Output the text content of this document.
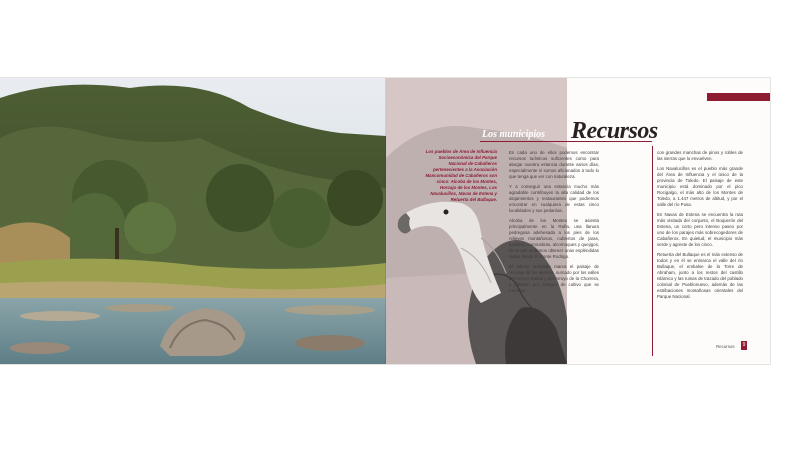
Los municipios Recursos
Los pueblos de Área de Influencia Socioeconómica del Parque Nacional de Cabañeros pertenecientes a la Asociación Mancomunidad de Cabañeros son cinco: Alcoba de los Montes, Horcajo de los Montes, Los Navalucillos, Navas de Estena y Retuerta del Bullaque.

En cada uno de ellos podemos encontrar recursos turísticos suficientes como para alargar nuestra estancia durante varios días, especialmente si somos aficionados a todo lo que tenga que ver con naturaleza.

Y a conseguir una estancia mucho más agradable contribuyen la alta calidad de los alojamientos y restaurantes que podremos encontrar en cualquiera de estas cinco localidades y sus pedanías.

Alcoba de los Montes se asienta principalmente en la Raña, una llanura pedregosa adehesada a los pies de los relieves montañosos, cubiertos de jaras, enebros, cornicabras, alcornoques y quejigos, de la que podemos obtener unas espléndidas vistas desde el Monte Rodrigo.

El relieve ondulado marca el paisaje de Horcajo de los Montes, surcado por los valles del Arroyo Rubial y del Arroyo de la Chorrera, y poblado por campos de cultivo que se mezclan

con grandes manchas de pinos y robles de las sierras que lo envuelven.

Los Navalucillos es el pueblo más grande del Área de Influencia y el único de la provincia de Toledo. El paisaje de este municipio está dominado por el pico Rocigalgo, el más alto de los Montes de Toledo, a 1.447 metros de altitud, y por el valle del río Pusa.

En Navas de Estena se encuentra la ruta más visitada del conjunto, el Boquerón del Estena, un corto pero intenso paseo por uno de los parajes más sobrecogedores de Cabañeros. En quietud, el municipio más verde y agreste de los cinco.

Retuerta del Bullaque es el más extenso de todos y en él se enmarca el valle del río Bullaque, el embalse de la Torre de Abraham, junto a los restos del castillo Islámico y las ruinas de trazado del poblado colonial de Pueblonuevo, además de las estribaciones montañosas orientales del Parque Nacional.

Recursos	9
